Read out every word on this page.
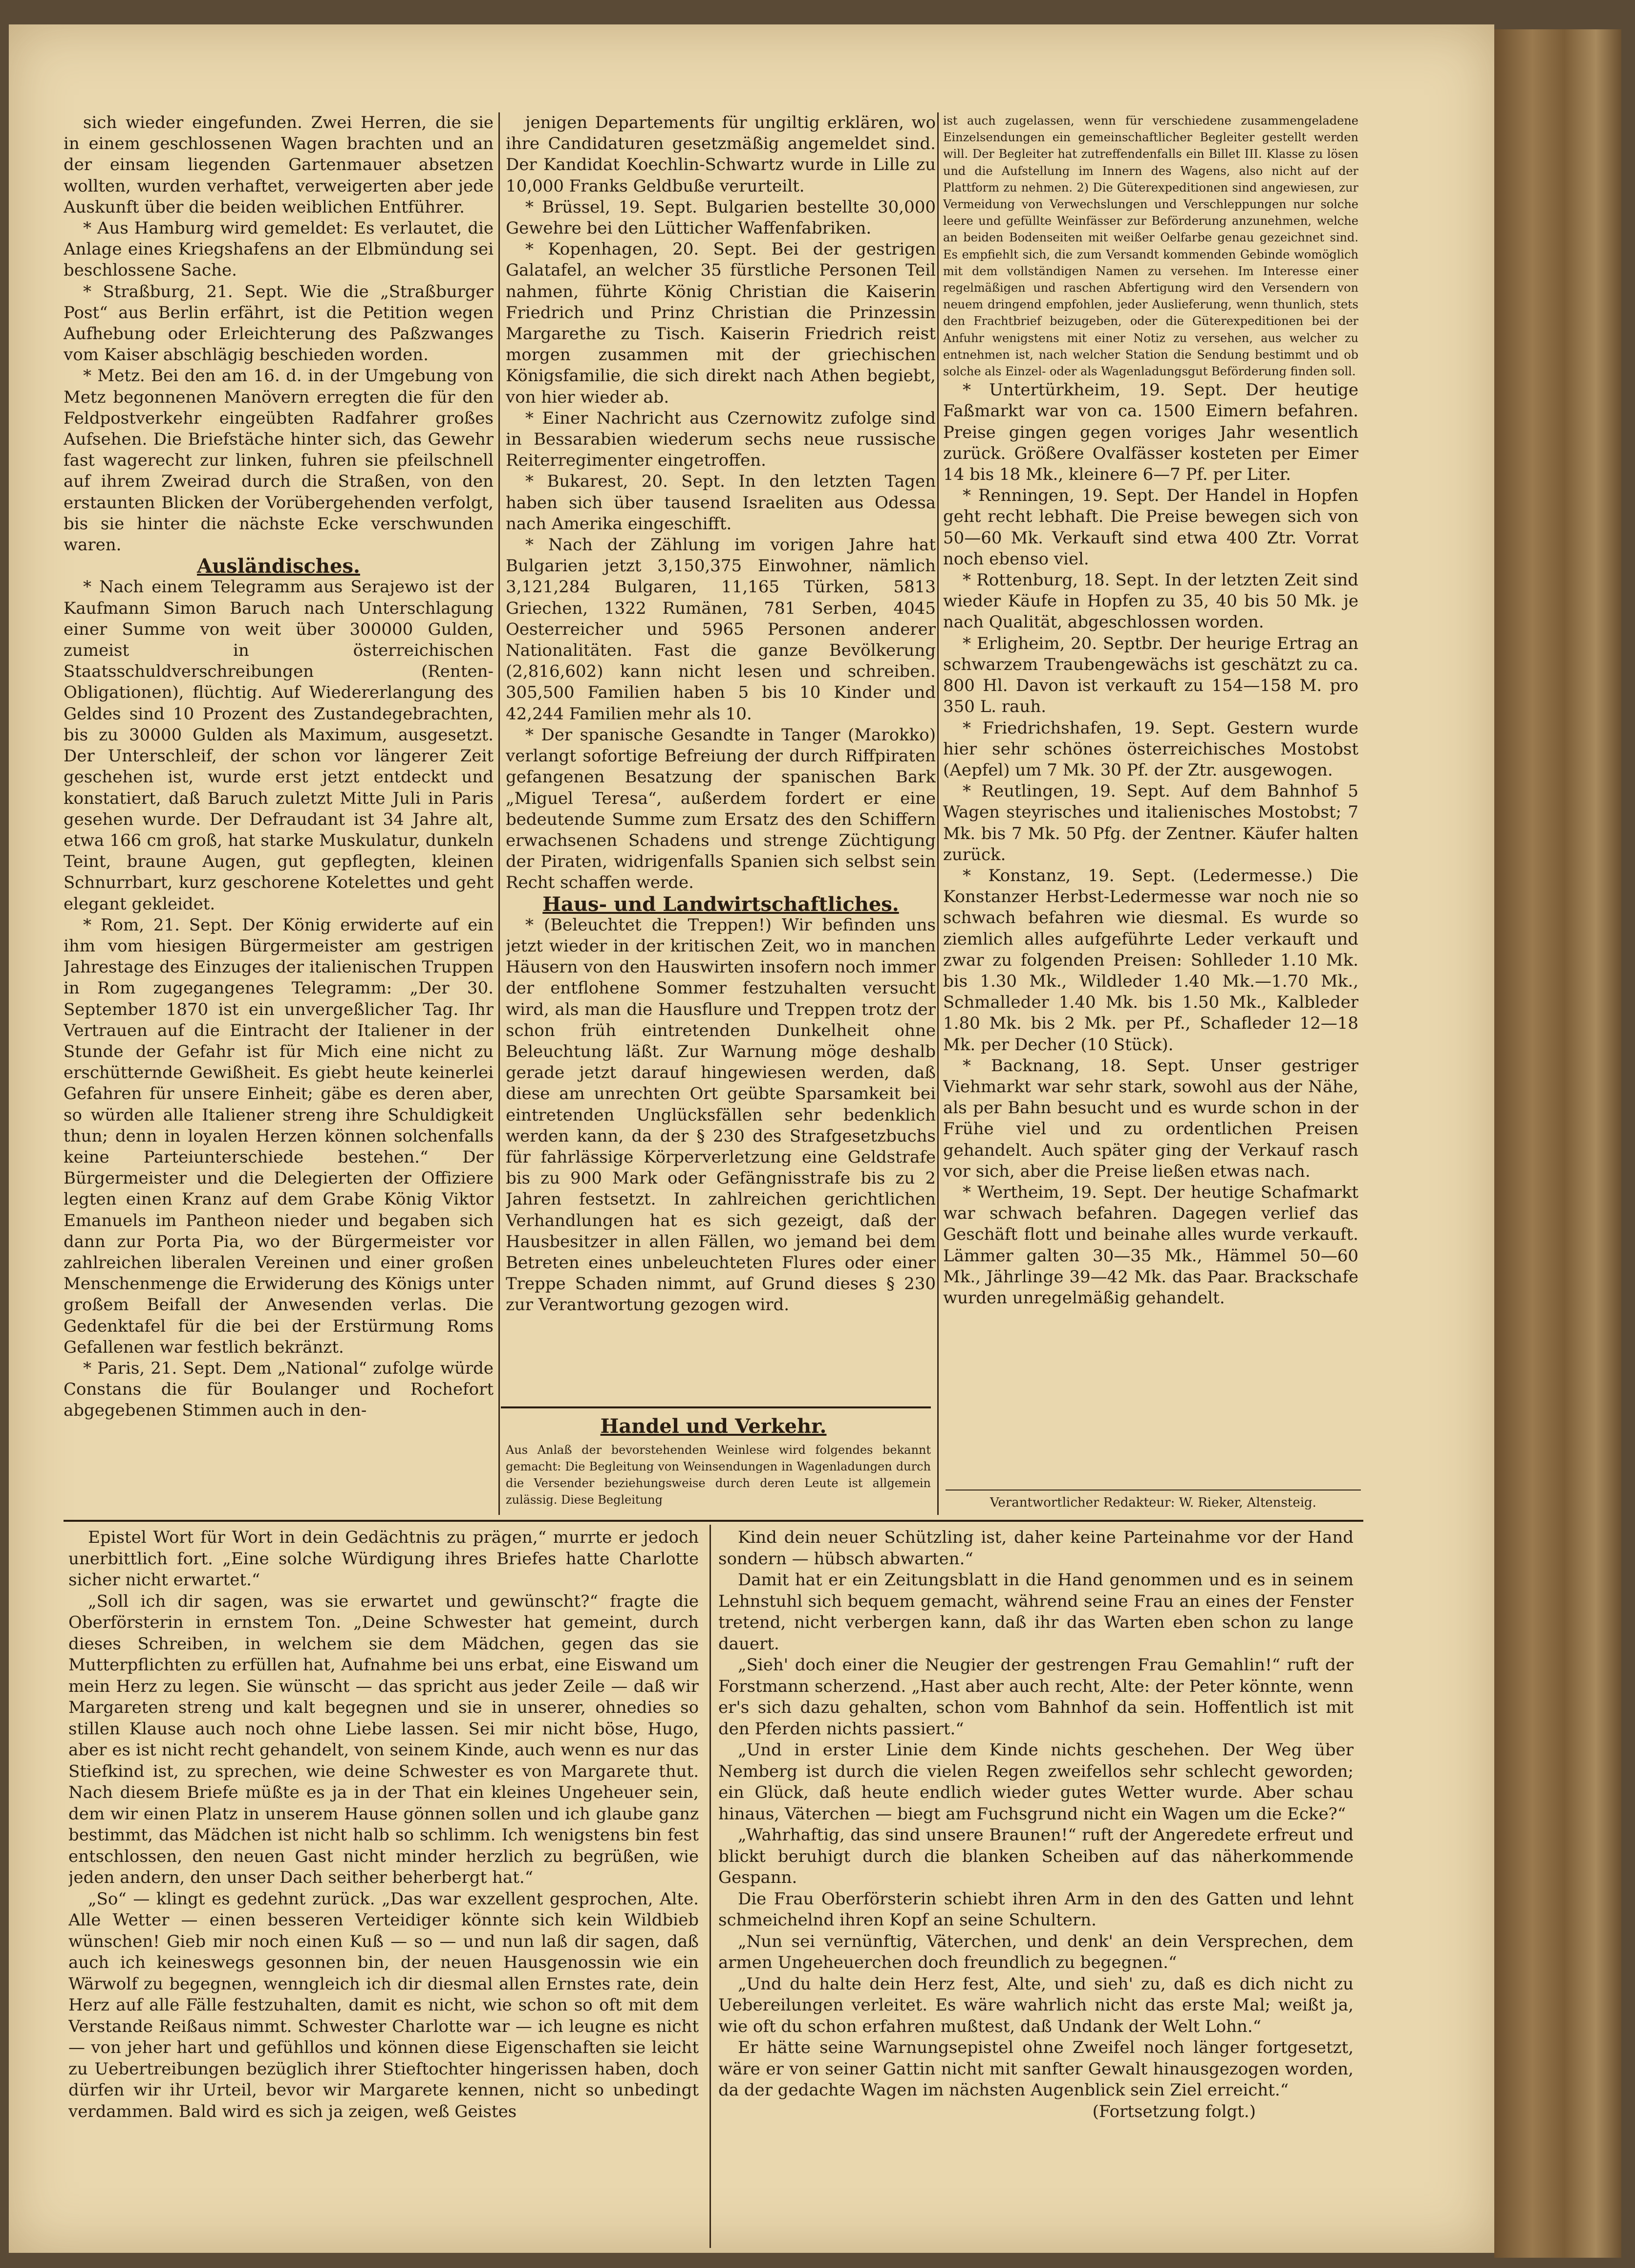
sich wieder eingefunden. Zwei Herren, die sie in einem geschlossenen Wagen brachten und an der einsam liegenden Gartenmauer absetzen wollten, wurden verhaftet, verweigerten aber jede Auskunft über die beiden weiblichen Entführer.

* Aus Hamburg wird gemeldet: Es verlautet, die Anlage eines Kriegshafens an der Elbmündung sei beschlossene Sache.

* Straßburg, 21. Sept. Wie die „Straßburger Post“ aus Berlin erfährt, ist die Petition wegen Aufhebung oder Erleichterung des Paßzwanges vom Kaiser abschlägig beschieden worden.

* Metz. Bei den am 16. d. in der Umgebung von Metz begonnenen Manövern erregten die für den Feldpostverkehr eingeübten Radfahrer großes Aufsehen. Die Briefstäche hinter sich, das Gewehr fast wagerecht zur linken, fuhren sie pfeilschnell auf ihrem Zweirad durch die Straßen, von den erstaunten Blicken der Vorübergehenden verfolgt, bis sie hinter die nächste Ecke verschwunden waren.

Ausländisches.

* Nach einem Telegramm aus Serajewo ist der Kaufmann Simon Baruch nach Unterschlagung einer Summe von weit über 300000 Gulden, zumeist in österreichischen Staatsschuldverschreibungen (Renten-Obligationen), flüchtig. Auf Wiedererlangung des Geldes sind 10 Prozent des Zustandegebrachten, bis zu 30000 Gulden als Maximum, ausgesetzt. Der Unterschleif, der schon vor längerer Zeit geschehen ist, wurde erst jetzt entdeckt und konstatiert, daß Baruch zuletzt Mitte Juli in Paris gesehen wurde. Der Defraudant ist 34 Jahre alt, etwa 166 cm groß, hat starke Muskulatur, dunkeln Teint, braune Augen, gut gepflegten, kleinen Schnurrbart, kurz geschorene Kotelettes und geht elegant gekleidet.

* Rom, 21. Sept. Der König erwiderte auf ein ihm vom hiesigen Bürgermeister am gestrigen Jahrestage des Einzuges der italienischen Truppen in Rom zugegangenes Telegramm: „Der 30. September 1870 ist ein unvergeßlicher Tag. Ihr Vertrauen auf die Eintracht der Italiener in der Stunde der Gefahr ist für Mich eine nicht zu erschütternde Gewißheit. Es giebt heute keinerlei Gefahren für unsere Einheit; gäbe es deren aber, so würden alle Italiener streng ihre Schuldigkeit thun; denn in loyalen Herzen können solchenfalls keine Parteiunterschiede bestehen.“ Der Bürgermeister und die Delegierten der Offiziere legten einen Kranz auf dem Grabe König Viktor Emanuels im Pantheon nieder und begaben sich dann zur Porta Pia, wo der Bürgermeister vor zahlreichen liberalen Vereinen und einer großen Menschenmenge die Erwiderung des Königs unter großem Beifall der Anwesenden verlas. Die Gedenktafel für die bei der Erstürmung Roms Gefallenen war festlich bekränzt.

* Paris, 21. Sept. Dem „National“ zufolge würde Constans die für Boulanger und Rochefort abgegebenen Stimmen auch in den-

jenigen Departements für ungiltig erklären, wo ihre Candidaturen gesetzmäßig angemeldet sind. Der Kandidat Koechlin-Schwartz wurde in Lille zu 10,000 Franks Geldbuße verurteilt.

* Brüssel, 19. Sept. Bulgarien bestellte 30,000 Gewehre bei den Lütticher Waffenfabriken.

* Kopenhagen, 20. Sept. Bei der gestrigen Galatafel, an welcher 35 fürstliche Personen Teil nahmen, führte König Christian die Kaiserin Friedrich und Prinz Christian die Prinzessin Margarethe zu Tisch. Kaiserin Friedrich reist morgen zusammen mit der griechischen Königsfamilie, die sich direkt nach Athen begiebt, von hier wieder ab.

* Einer Nachricht aus Czernowitz zufolge sind in Bessarabien wiederum sechs neue russische Reiterregimenter eingetroffen.

* Bukarest, 20. Sept. In den letzten Tagen haben sich über tausend Israeliten aus Odessa nach Amerika eingeschifft.

* Nach der Zählung im vorigen Jahre hat Bulgarien jetzt 3,150,375 Einwohner, nämlich 3,121,284 Bulgaren, 11,165 Türken, 5813 Griechen, 1322 Rumänen, 781 Serben, 4045 Oesterreicher und 5965 Personen anderer Nationalitäten. Fast die ganze Bevölkerung (2,816,602) kann nicht lesen und schreiben. 305,500 Familien haben 5 bis 10 Kinder und 42,244 Familien mehr als 10.

* Der spanische Gesandte in Tanger (Marokko) verlangt sofortige Befreiung der durch Riffpiraten gefangenen Besatzung der spanischen Bark „Miguel Teresa“, außerdem fordert er eine bedeutende Summe zum Ersatz des den Schiffern erwachsenen Schadens und strenge Züchtigung der Piraten, widrigenfalls Spanien sich selbst sein Recht schaffen werde.

Haus- und Landwirtschaftliches.

* (Beleuchtet die Treppen!) Wir befinden uns jetzt wieder in der kritischen Zeit, wo in manchen Häusern von den Hauswirten insofern noch immer der entflohene Sommer festzuhalten versucht wird, als man die Hausflure und Treppen trotz der schon früh eintretenden Dunkelheit ohne Beleuchtung läßt. Zur Warnung möge deshalb gerade jetzt darauf hingewiesen werden, daß diese am unrechten Ort geübte Sparsamkeit bei eintretenden Unglücksfällen sehr bedenklich werden kann, da der § 230 des Strafgesetzbuchs für fahrlässige Körperverletzung eine Geldstrafe bis zu 900 Mark oder Gefängnisstrafe bis zu 2 Jahren festsetzt. In zahlreichen gerichtlichen Verhandlungen hat es sich gezeigt, daß der Hausbesitzer in allen Fällen, wo jemand bei dem Betreten eines unbeleuchteten Flures oder einer Treppe Schaden nimmt, auf Grund dieses § 230 zur Verantwortung gezogen wird.

Handel und Verkehr.
Aus Anlaß der bevorstehenden Weinlese wird folgendes bekannt gemacht: Die Begleitung von Weinsendungen in Wagenladungen durch die Versender beziehungsweise durch deren Leute ist allgemein zulässig. Diese Begleitung

ist auch zugelassen, wenn für verschiedene zusammengeladene Einzelsendungen ein gemeinschaftlicher Begleiter gestellt werden will. Der Begleiter hat zutreffendenfalls ein Billet III. Klasse zu lösen und die Aufstellung im Innern des Wagens, also nicht auf der Plattform zu nehmen. 2) Die Güterexpeditionen sind angewiesen, zur Vermeidung von Verwechslungen und Verschleppungen nur solche leere und gefüllte Weinfässer zur Beförderung anzunehmen, welche an beiden Bodenseiten mit weißer Oelfarbe genau gezeichnet sind. Es empfiehlt sich, die zum Versandt kommenden Gebinde womöglich mit dem vollständigen Namen zu versehen. Im Interesse einer regelmäßigen und raschen Abfertigung wird den Versendern von neuem dringend empfohlen, jeder Auslieferung, wenn thunlich, stets den Frachtbrief beizugeben, oder die Güterexpeditionen bei der Anfuhr wenigstens mit einer Notiz zu versehen, aus welcher zu entnehmen ist, nach welcher Station die Sendung bestimmt und ob solche als Einzel- oder als Wagenladungsgut Beförderung finden soll.

* Untertürkheim, 19. Sept. Der heutige Faßmarkt war von ca. 1500 Eimern befahren. Preise gingen gegen voriges Jahr wesentlich zurück. Größere Ovalfässer kosteten per Eimer 14 bis 18 Mk., kleinere 6—7 Pf. per Liter.

* Renningen, 19. Sept. Der Handel in Hopfen geht recht lebhaft. Die Preise bewegen sich von 50—60 Mk. Verkauft sind etwa 400 Ztr. Vorrat noch ebenso viel.

* Rottenburg, 18. Sept. In der letzten Zeit sind wieder Käufe in Hopfen zu 35, 40 bis 50 Mk. je nach Qualität, abgeschlossen worden.

* Erligheim, 20. Septbr. Der heurige Ertrag an schwarzem Traubengewächs ist geschätzt zu ca. 800 Hl. Davon ist verkauft zu 154—158 M. pro 350 L. rauh.

* Friedrichshafen, 19. Sept. Gestern wurde hier sehr schönes österreichisches Mostobst (Aepfel) um 7 Mk. 30 Pf. der Ztr. ausgewogen.

* Reutlingen, 19. Sept. Auf dem Bahnhof 5 Wagen steyrisches und italienisches Mostobst; 7 Mk. bis 7 Mk. 50 Pfg. der Zentner. Käufer halten zurück.

* Konstanz, 19. Sept. (Ledermesse.) Die Konstanzer Herbst-Ledermesse war noch nie so schwach befahren wie diesmal. Es wurde so ziemlich alles aufgeführte Leder verkauft und zwar zu folgenden Preisen: Sohlleder 1.10 Mk. bis 1.30 Mk., Wildleder 1.40 Mk.—1.70 Mk., Schmalleder 1.40 Mk. bis 1.50 Mk., Kalbleder 1.80 Mk. bis 2 Mk. per Pf., Schafleder 12—18 Mk. per Decher (10 Stück).

* Backnang, 18. Sept. Unser gestriger Viehmarkt war sehr stark, sowohl aus der Nähe, als per Bahn besucht und es wurde schon in der Frühe viel und zu ordentlichen Preisen gehandelt. Auch später ging der Verkauf rasch vor sich, aber die Preise ließen etwas nach.

* Wertheim, 19. Sept. Der heutige Schafmarkt war schwach befahren. Dagegen verlief das Geschäft flott und beinahe alles wurde verkauft. Lämmer galten 30—35 Mk., Hämmel 50—60 Mk., Jährlinge 39—42 Mk. das Paar. Brackschafe wurden unregelmäßig gehandelt.

Verantwortlicher Redakteur: W. Rieker, Altensteig.

Epistel Wort für Wort in dein Gedächtnis zu prägen,“ murrte er jedoch unerbittlich fort. „Eine solche Würdigung ihres Briefes hatte Charlotte sicher nicht erwartet.“

„Soll ich dir sagen, was sie erwartet und gewünscht?“ fragte die Oberförsterin in ernstem Ton. „Deine Schwester hat gemeint, durch dieses Schreiben, in welchem sie dem Mädchen, gegen das sie Mutterpflichten zu erfüllen hat, Aufnahme bei uns erbat, eine Eiswand um mein Herz zu legen. Sie wünscht — das spricht aus jeder Zeile — daß wir Margareten streng und kalt begegnen und sie in unserer, ohnedies so stillen Klause auch noch ohne Liebe lassen. Sei mir nicht böse, Hugo, aber es ist nicht recht gehandelt, von seinem Kinde, auch wenn es nur das Stiefkind ist, zu sprechen, wie deine Schwester es von Margarete thut. Nach diesem Briefe müßte es ja in der That ein kleines Ungeheuer sein, dem wir einen Platz in unserem Hause gönnen sollen und ich glaube ganz bestimmt, das Mädchen ist nicht halb so schlimm. Ich wenigstens bin fest entschlossen, den neuen Gast nicht minder herzlich zu begrüßen, wie jeden andern, den unser Dach seither beherbergt hat.“

„So“ — klingt es gedehnt zurück. „Das war exzellent gesprochen, Alte. Alle Wetter — einen besseren Verteidiger könnte sich kein Wildbieb wünschen! Gieb mir noch einen Kuß — so — und nun laß dir sagen, daß auch ich keineswegs gesonnen bin, der neuen Hausgenossin wie ein Wärwolf zu begegnen, wenngleich ich dir diesmal allen Ernstes rate, dein Herz auf alle Fälle festzuhalten, damit es nicht, wie schon so oft mit dem Verstande Reißaus nimmt. Schwester Charlotte war — ich leugne es nicht — von jeher hart und gefühllos und können diese Eigenschaften sie leicht zu Uebertreibungen bezüglich ihrer Stieftochter hingerissen haben, doch dürfen wir ihr Urteil, bevor wir Margarete kennen, nicht so unbedingt verdammen. Bald wird es sich ja zeigen, weß Geistes

Kind dein neuer Schützling ist, daher keine Parteinahme vor der Hand sondern — hübsch abwarten.“

Damit hat er ein Zeitungsblatt in die Hand genommen und es in seinem Lehnstuhl sich bequem gemacht, während seine Frau an eines der Fenster tretend, nicht verbergen kann, daß ihr das Warten eben schon zu lange dauert.

„Sieh' doch einer die Neugier der gestrengen Frau Gemahlin!“ ruft der Forstmann scherzend. „Hast aber auch recht, Alte: der Peter könnte, wenn er's sich dazu gehalten, schon vom Bahnhof da sein. Hoffentlich ist mit den Pferden nichts passiert.“

„Und in erster Linie dem Kinde nichts geschehen. Der Weg über Nemberg ist durch die vielen Regen zweifellos sehr schlecht geworden; ein Glück, daß heute endlich wieder gutes Wetter wurde. Aber schau hinaus, Väterchen — biegt am Fuchsgrund nicht ein Wagen um die Ecke?“

„Wahrhaftig, das sind unsere Braunen!“ ruft der Angeredete erfreut und blickt beruhigt durch die blanken Scheiben auf das näherkommende Gespann.

Die Frau Oberförsterin schiebt ihren Arm in den des Gatten und lehnt schmeichelnd ihren Kopf an seine Schultern.

„Nun sei vernünftig, Väterchen, und denk' an dein Versprechen, dem armen Ungeheuerchen doch freundlich zu begegnen.“

„Und du halte dein Herz fest, Alte, und sieh' zu, daß es dich nicht zu Uebereilungen verleitet. Es wäre wahrlich nicht das erste Mal; weißt ja, wie oft du schon erfahren mußtest, daß Undank der Welt Lohn.“

Er hätte seine Warnungsepistel ohne Zweifel noch länger fortgesetzt, wäre er von seiner Gattin nicht mit sanfter Gewalt hinausgezogen worden, da der gedachte Wagen im nächsten Augenblick sein Ziel erreicht.“

(Fortsetzung folgt.)
